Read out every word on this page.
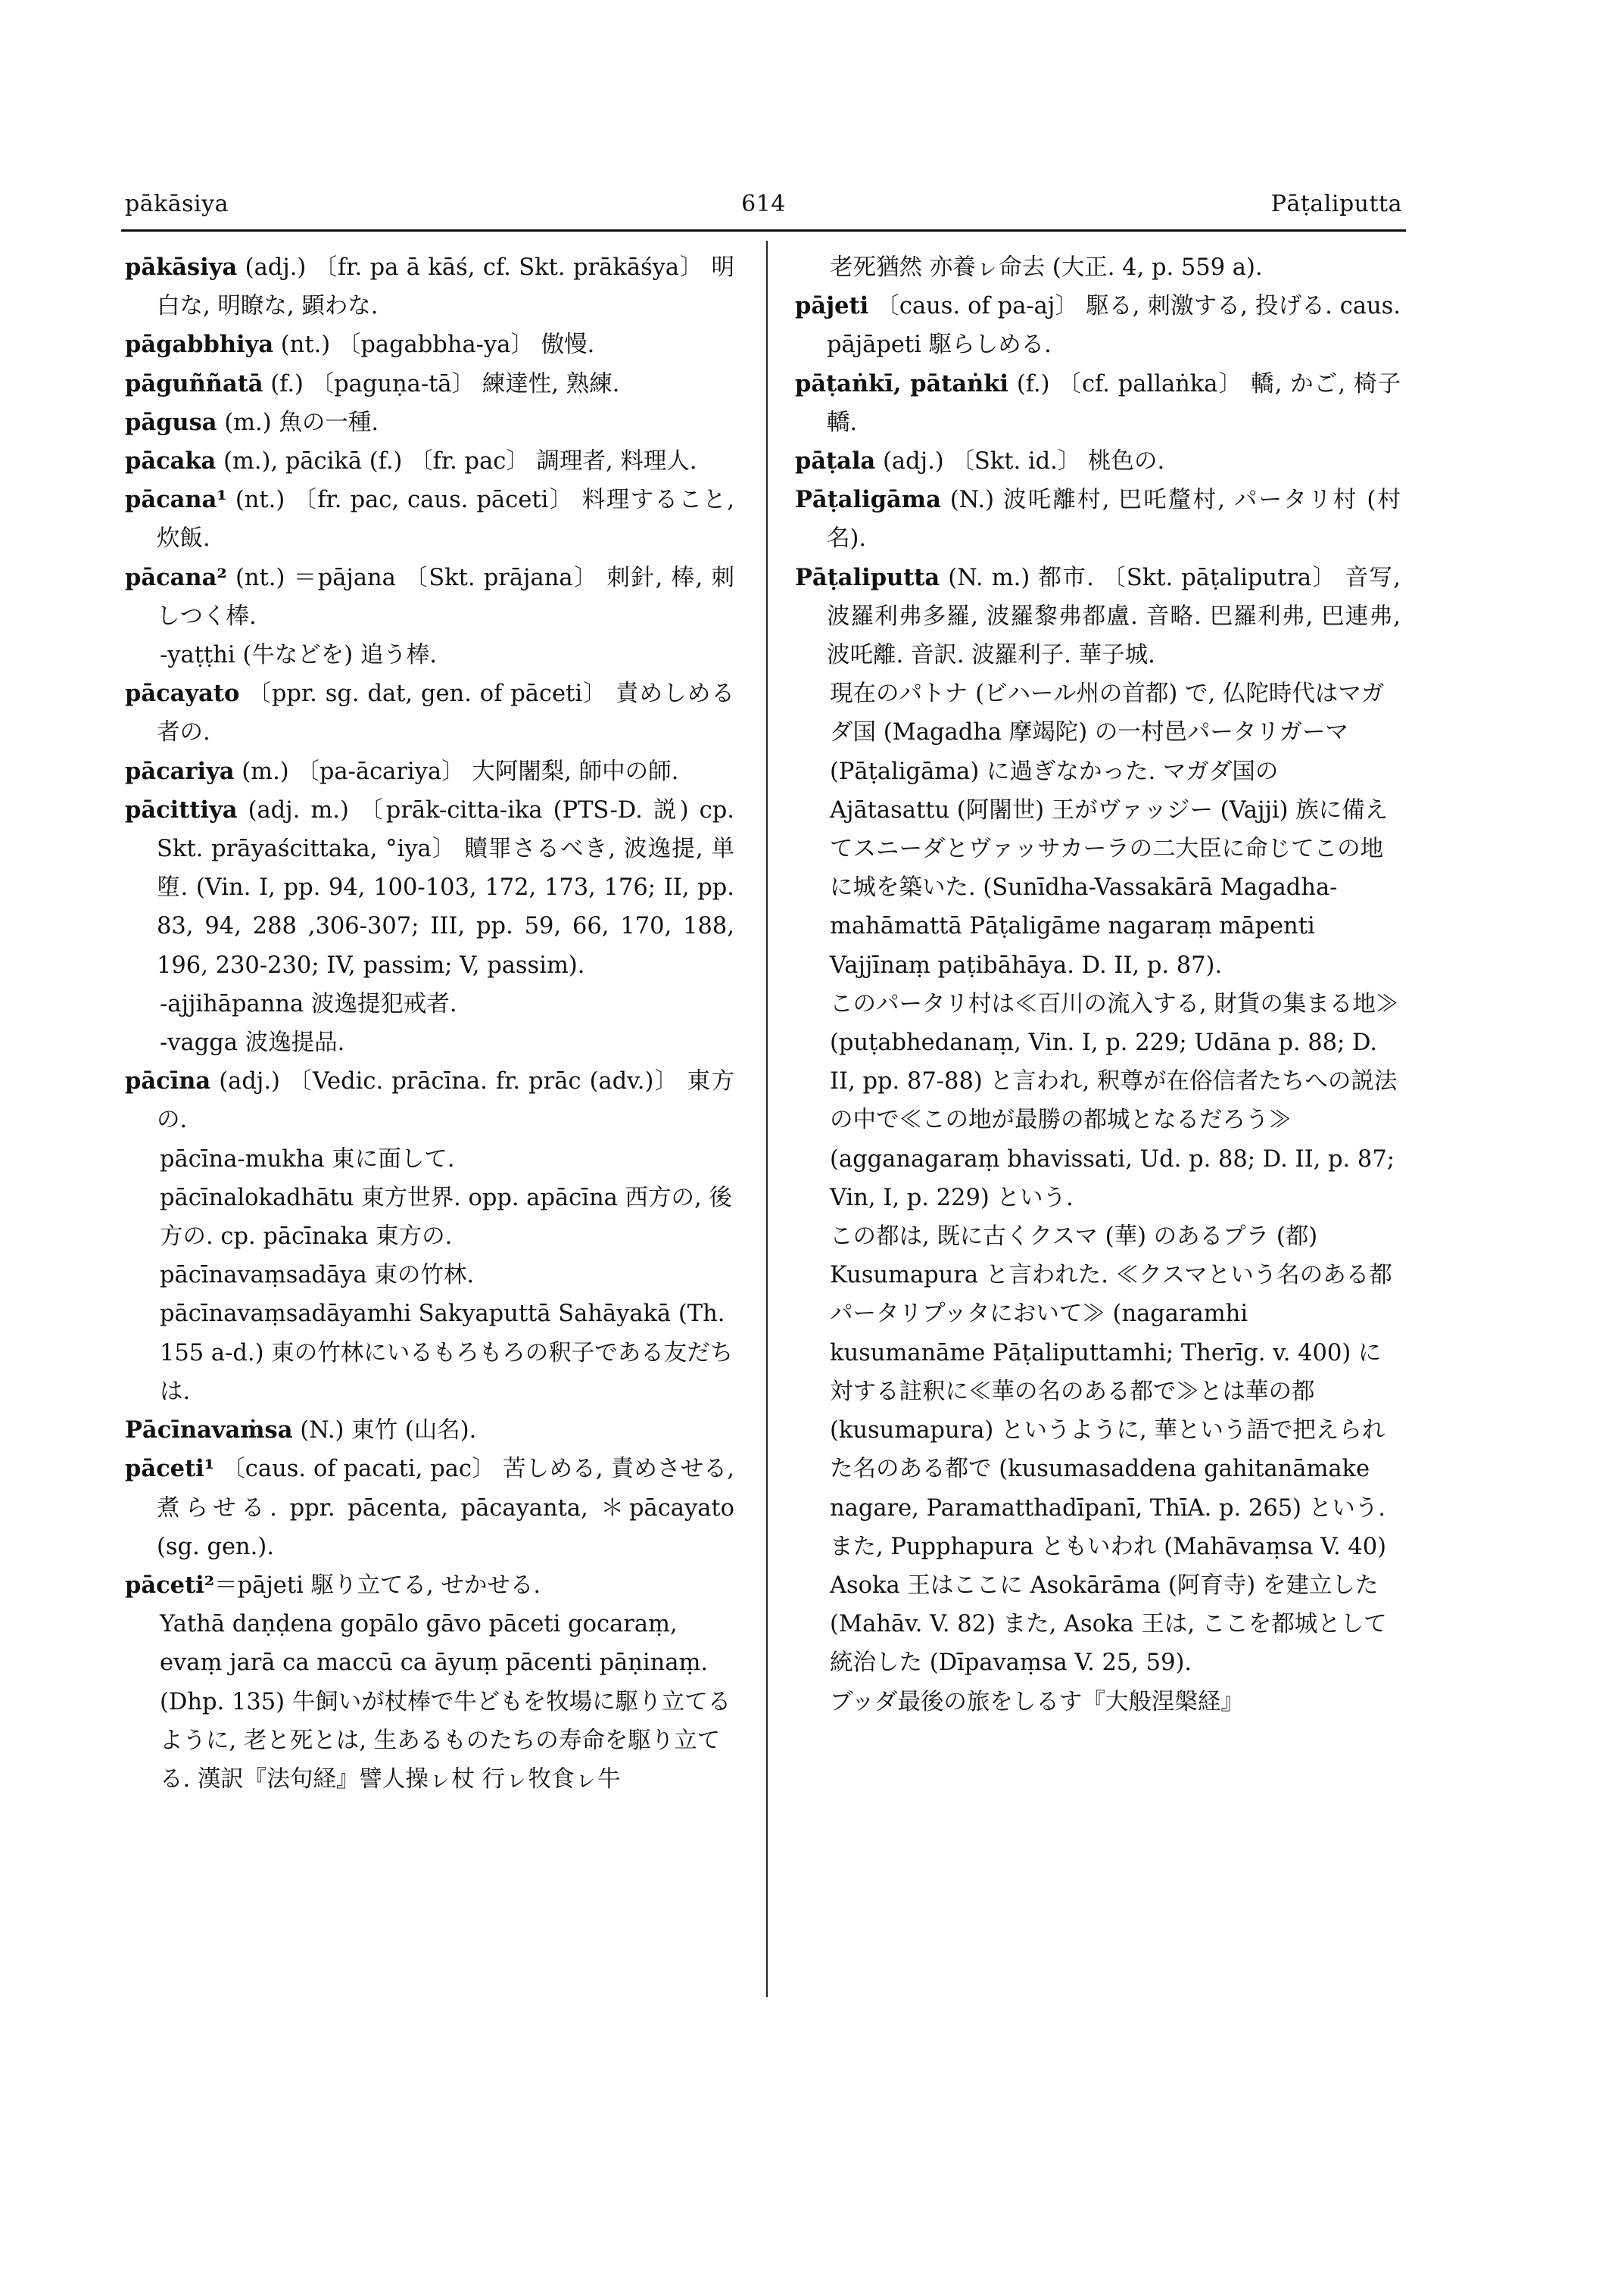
pākāsiya	614	Pāṭaliputta

pākāsiya (adj.) 〔fr. pa ā kāś, cf. Skt. prākāśya〕 明白な, 明瞭な, 顕わな.

pāgabbhiya (nt.) 〔pagabbha-ya〕 傲慢.

pāguññatā (f.) 〔paguṇa-tā〕 練達性, 熟練.

pāgusa (m.) 魚の一種.

pācaka (m.), pācikā (f.) 〔fr. pac〕 調理者, 料理人.

pācana¹ (nt.) 〔fr. pac, caus. pāceti〕 料理すること, 炊飯.

pācana² (nt.) ＝pājana 〔Skt. prājana〕 刺針, 棒, 刺しつく棒.

-yaṭṭhi (牛などを) 追う棒.

pācayato 〔ppr. sg. dat, gen. of pāceti〕 責めしめる者の.

pācariya (m.) 〔pa-ācariya〕 大阿闍梨, 師中の師.

pācittiya (adj. m.) 〔prāk-citta-ika (PTS-D. 説) cp. Skt. prāyaścittaka, °iya〕 贖罪さるべき, 波逸提, 単堕. (Vin. I, pp. 94, 100-103, 172, 173, 176; II, pp. 83, 94, 288 ,306-307; III, pp. 59, 66, 170, 188, 196, 230-230; IV, passim; V, passim).

-ajjihāpanna 波逸提犯戒者.

-vagga 波逸提品.

pācīna (adj.) 〔Vedic. prācīna. fr. prāc (adv.)〕 東方の.

pācīna-mukha 東に面して.

pācīnalokadhātu 東方世界. opp. apācīna 西方の, 後方の. cp. pācīnaka 東方の.

pācīnavaṃsadāya 東の竹林.

pācīnavaṃsadāyamhi Sakyaputtā Sahāyakā (Th. 155 a-d.) 東の竹林にいるもろもろの釈子である友だちは.

Pācīnavaṁsa (N.) 東竹 (山名).

pāceti¹ 〔caus. of pacati, pac〕 苦しめる, 責めさせる, 煮らせる. ppr. pācenta, pācayanta, ＊pācayato (sg. gen.).

pāceti²＝pājeti 駆り立てる, せかせる.

Yathā daṇḍena gopālo gāvo pāceti gocaraṃ, evaṃ jarā ca maccū ca āyuṃ pācenti pāṇinaṃ. (Dhp. 135) 牛飼いが杖棒で牛どもを牧場に駆り立てるように, 老と死とは, 生あるものたちの寿命を駆り立てる. 漢訳『法句経』譬人操ㇾ杖 行ㇾ牧食ㇾ牛

老死猶然 亦養ㇾ命去 (大正. 4, p. 559 a).

pājeti 〔caus. of pa-aj〕 駆る, 刺激する, 投げる. caus. pājāpeti 駆らしめる.

pāṭaṅkī, pātaṅki (f.) 〔cf. pallaṅka〕 轎, かご, 椅子轎.

pāṭala (adj.) 〔Skt. id.〕 桃色の.

Pāṭaligāma (N.) 波吒離村, 巴吒釐村, パータリ村 (村名).

Pāṭaliputta (N. m.) 都市. 〔Skt. pāṭaliputra〕 音写, 波羅利弗多羅, 波羅黎弗都盧. 音略. 巴羅利弗, 巴連弗, 波吒離. 音訳. 波羅利子. 華子城.

現在のパトナ (ビハール州の首都) で, 仏陀時代はマガダ国 (Magadha 摩竭陀) の一村邑パータリガーマ (Pāṭaligāma) に過ぎなかった. マガダ国の Ajātasattu (阿闍世) 王がヴァッジー (Vajji) 族に備えてスニーダとヴァッサカーラの二大臣に命じてこの地に城を築いた. (Sunīdha-Vassakārā Magadha-mahāmattā Pāṭaligāme nagaraṃ māpenti Vajjīnaṃ paṭibāhāya. D. II, p. 87).

このパータリ村は≪百川の流入する, 財貨の集まる地≫ (puṭabhedanaṃ, Vin. I, p. 229; Udāna p. 88; D. II, pp. 87-88) と言われ, 釈尊が在俗信者たちへの説法の中で≪この地が最勝の都城となるだろう≫ (agganagaraṃ bhavissati, Ud. p. 88; D. II, p. 87; Vin, I, p. 229) という.

この都は, 既に古くクスマ (華) のあるプラ (都) Kusumapura と言われた. ≪クスマという名のある都パータリプッタにおいて≫ (nagaramhi kusumanāme Pāṭaliputtamhi; Therīg. v. 400) に対する註釈に≪華の名のある都で≫とは華の都 (kusumapura) というように, 華という語で把えられた名のある都で (kusumasaddena gahitanāmake nagare, Paramatthadīpanī, ThīA. p. 265) という.

また, Pupphapura ともいわれ (Mahāvaṃsa V. 40) Asoka 王はここに Asokārāma (阿育寺) を建立した (Mahāv. V. 82) また, Asoka 王は, ここを都城として統治した (Dīpavaṃsa V. 25, 59).

ブッダ最後の旅をしるす『大般涅槃経』
